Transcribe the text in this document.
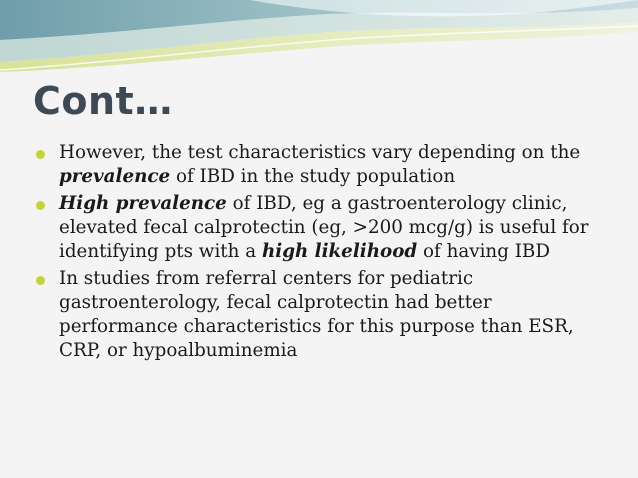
Cont…
However, the test characteristics vary depending on the prevalence of IBD in the study population
High prevalence of IBD, eg a gastroenterology clinic, elevated fecal calprotectin (eg, >200 mcg/g) is useful for identifying pts with a high likelihood of having IBD
In studies from referral centers for pediatric gastroenterology, fecal calprotectin had better performance characteristics for this purpose than ESR, CRP, or hypoalbuminemia
